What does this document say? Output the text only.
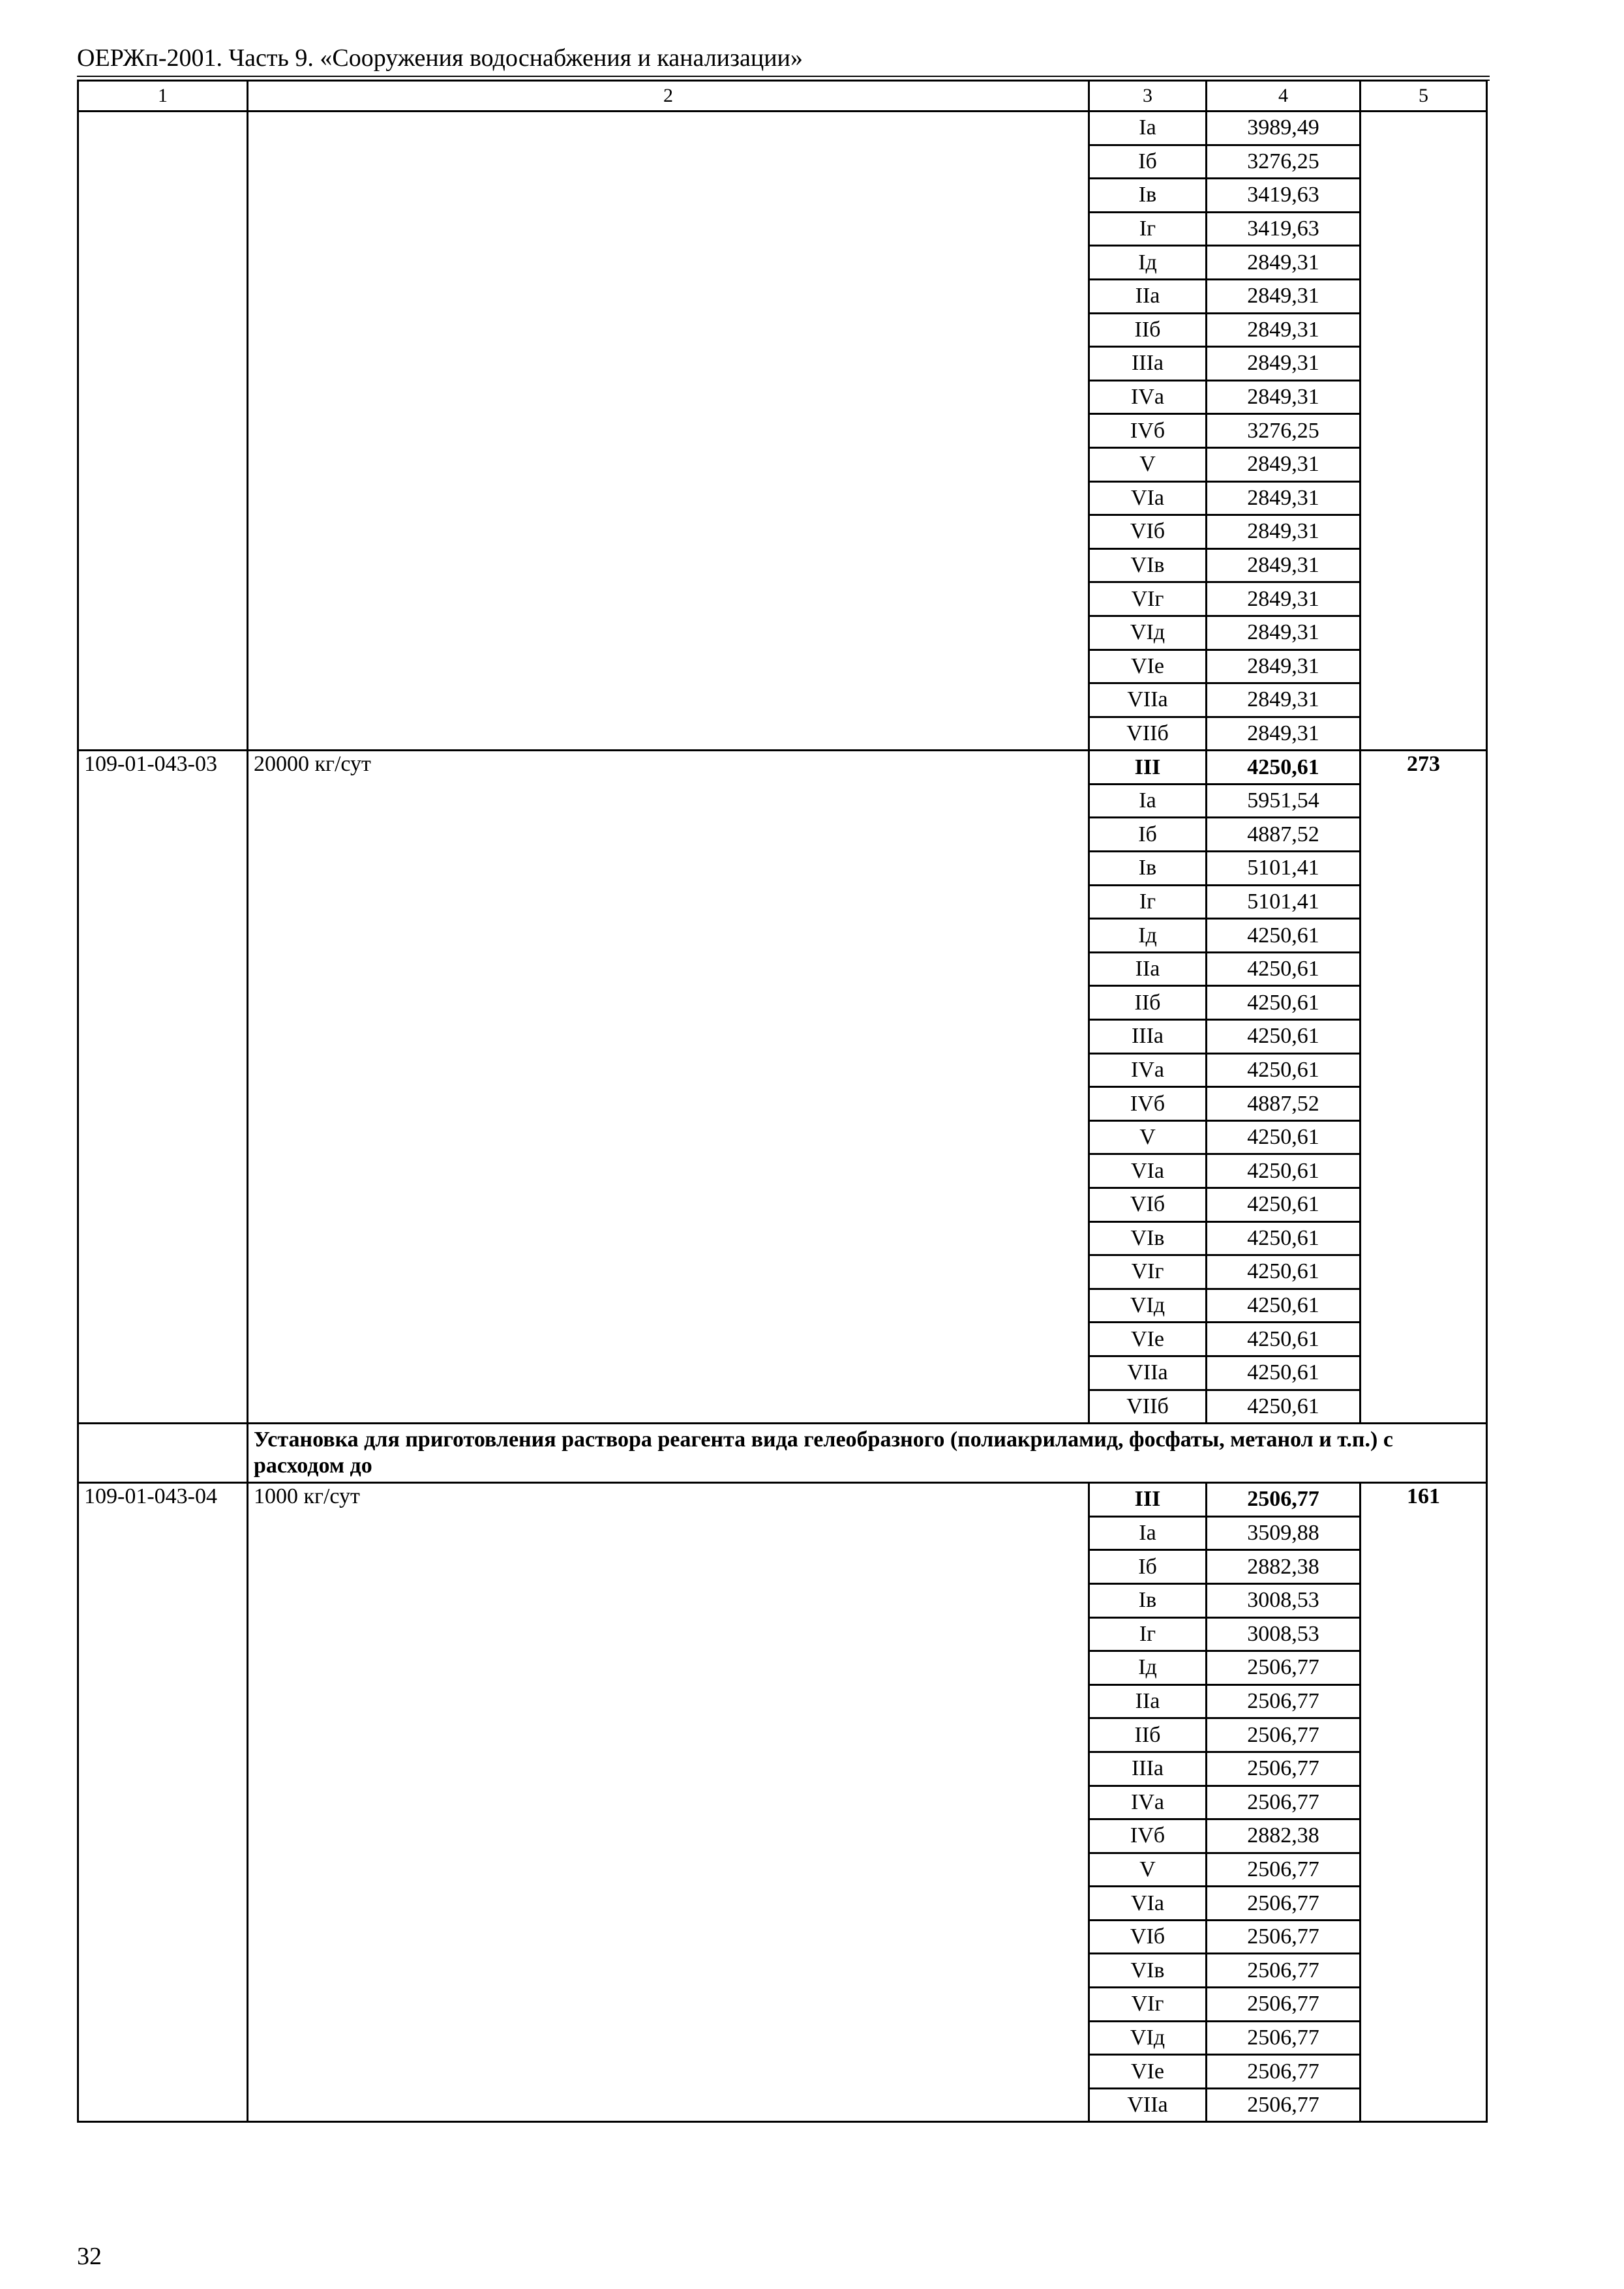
ОЕРЖп-2001. Часть 9. «Сооружения водоснабжения и канализации»
1	2	3	4	5
		Iа	3989,49	
		Iб	3276,25	
		Iв	3419,63	
		Iг	3419,63	
		Iд	2849,31	
		IIа	2849,31	
		IIб	2849,31	
		IIIа	2849,31	
		IVа	2849,31	
		IVб	3276,25	
		V	2849,31	
		VIа	2849,31	
		VIб	2849,31	
		VIв	2849,31	
		VIг	2849,31	
		VIд	2849,31	
		VIе	2849,31	
		VIIа	2849,31	
		VIIб	2849,31	
109-01-043-03	20000 кг/сут	III	4250,61	273
		Iа	5951,54	
		Iб	4887,52	
		Iв	5101,41	
		Iг	5101,41	
		Iд	4250,61	
		IIа	4250,61	
		IIб	4250,61	
		IIIа	4250,61	
		IVа	4250,61	
		IVб	4887,52	
		V	4250,61	
		VIа	4250,61	
		VIб	4250,61	
		VIв	4250,61	
		VIг	4250,61	
		VIд	4250,61	
		VIе	4250,61	
		VIIа	4250,61	
		VIIб	4250,61	
	Установка для приготовления раствора реагента вида гелеобразного (полиакриламид, фосфаты, метанол и т.п.) с расходом до			
109-01-043-04	1000 кг/сут	III	2506,77	161
		Iа	3509,88	
		Iб	2882,38	
		Iв	3008,53	
		Iг	3008,53	
		Iд	2506,77	
		IIа	2506,77	
		IIб	2506,77	
		IIIа	2506,77	
		IVа	2506,77	
		IVб	2882,38	
		V	2506,77	
		VIа	2506,77	
		VIб	2506,77	
		VIв	2506,77	
		VIг	2506,77	
		VIд	2506,77	
		VIе	2506,77	
		VIIа	2506,77	
32
